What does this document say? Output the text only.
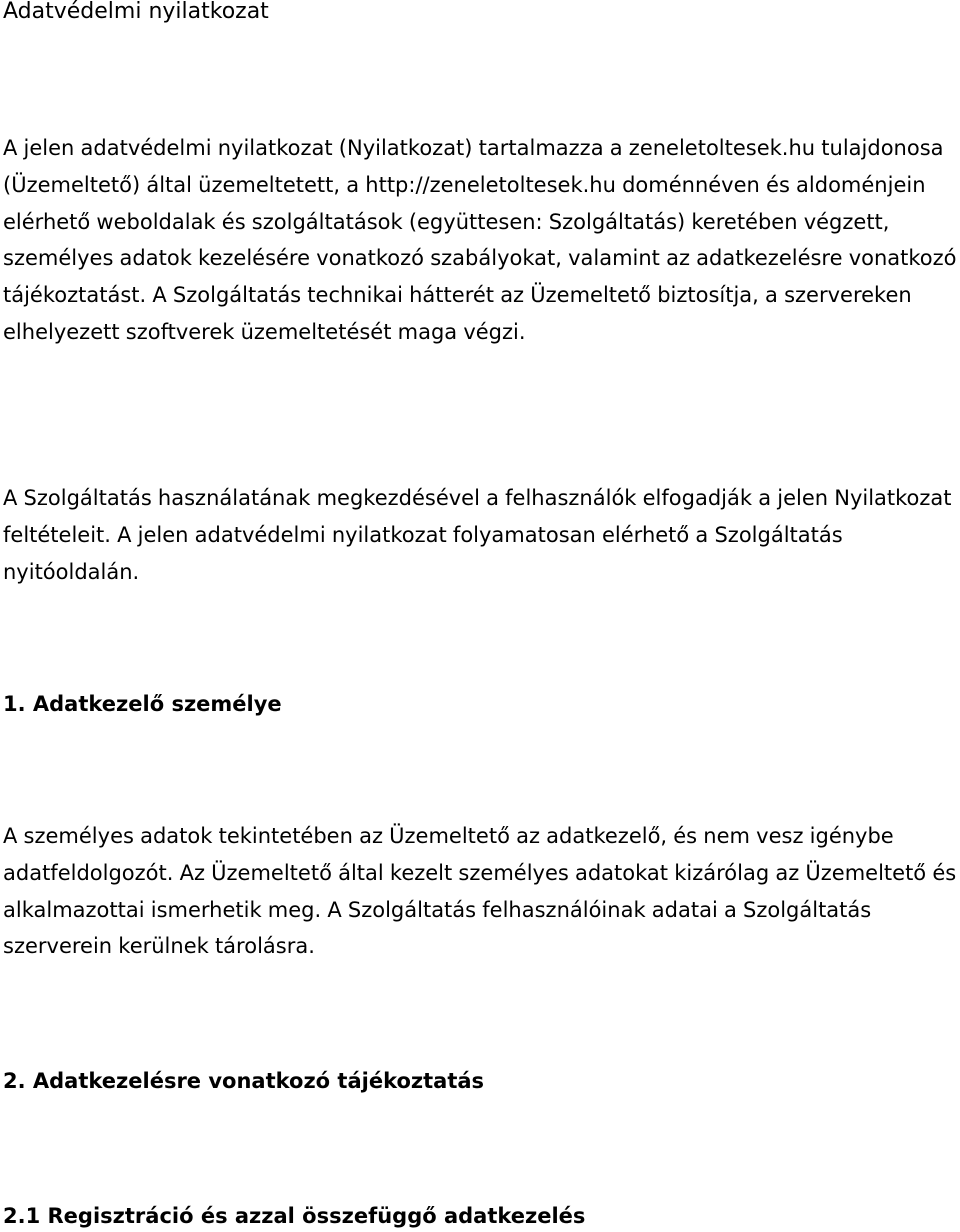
Adatvédelmi nyilatkozat

A jelen adatvédelmi nyilatkozat (Nyilatkozat) tartalmazza a zeneletoltesek.hu tulajdonosa (Üzemeltető) által üzemeltetett, a http://zeneletoltesek.hu doménnéven és aldoménjein elérhető weboldalak és szolgáltatások (együttesen: Szolgáltatás) keretében végzett, személyes adatok kezelésére vonatkozó szabályokat, valamint az adatkezelésre vonatkozó tájékoztatást. A Szolgáltatás technikai hátterét az Üzemeltető biztosítja, a szervereken elhelyezett szoftverek üzemeltetését maga végzi.

A Szolgáltatás használatának megkezdésével a felhasználók elfogadják a jelen Nyilatkozat feltételeit. A jelen adatvédelmi nyilatkozat folyamatosan elérhető a Szolgáltatás nyitóoldalán.

1. Adatkezelő személye

A személyes adatok tekintetében az Üzemeltető az adatkezelő, és nem vesz igénybe adatfeldolgozót. Az Üzemeltető által kezelt személyes adatokat kizárólag az Üzemeltető és alkalmazottai ismerhetik meg. A Szolgáltatás felhasználóinak adatai a Szolgáltatás szerverein kerülnek tárolásra.

2. Adatkezelésre vonatkozó tájékoztatás
2.1 Regisztráció és azzal összefüggő adatkezelés
